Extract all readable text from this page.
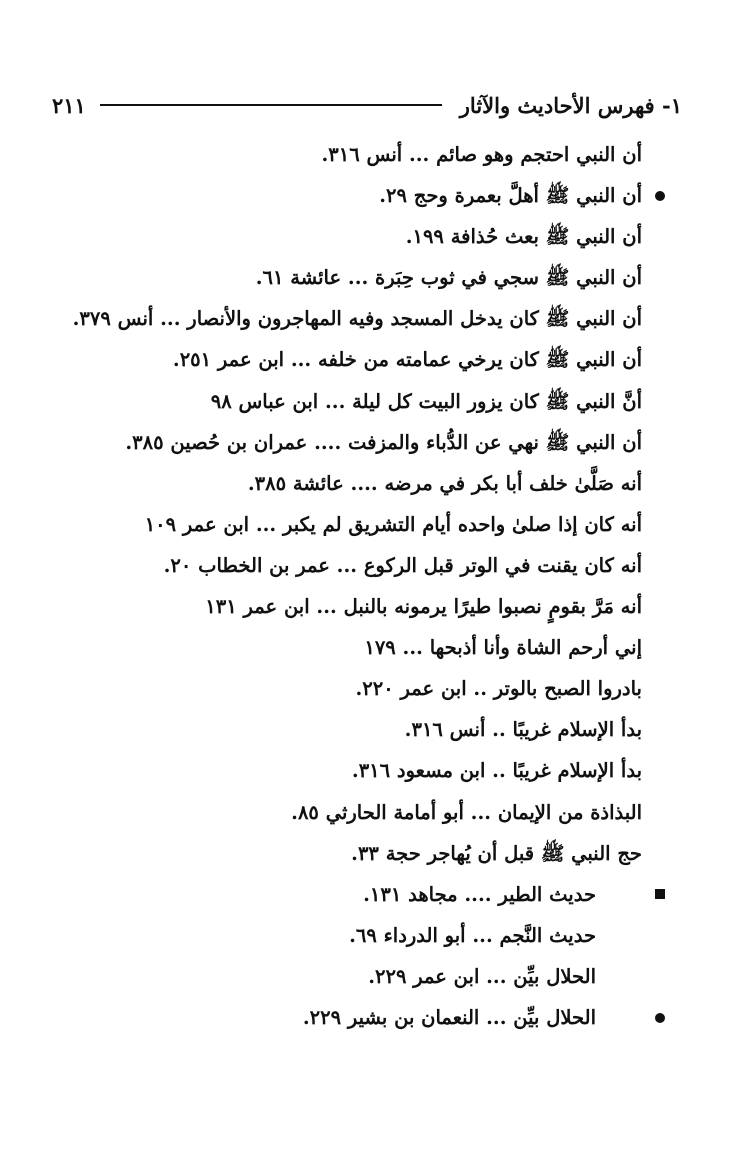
١- فهرس الأحاديث والآثار
٢١١
أن النبي احتجم وهو صائم ... أنس ٣١٦.
أن النبي ﷺ أهلَّ بعمرة وحج ٢٩.
أن النبي ﷺ بعث حُذافة ١٩٩.
أن النبي ﷺ سجي في ثوب حِبَرة ... عائشة ٦١.
أن النبي ﷺ كان يدخل المسجد وفيه المهاجرون والأنصار ... أنس ٣٧٩.
أن النبي ﷺ كان يرخي عمامته من خلفه ... ابن عمر ٢٥١.
أنَّ النبي ﷺ كان يزور البيت كل ليلة ... ابن عباس ٩٨
أن النبي ﷺ نهي عن الدُّباء والمزفت .... عمران بن حُصين ٣٨٥.
أنه صَلَّىٰ خلف أبا بكر في مرضه .... عائشة ٣٨٥.
أنه كان إذا صلىٰ واحده أيام التشريق لم يكبر ... ابن عمر ١٠٩
أنه كان يقنت في الوتر قبل الركوع ... عمر بن الخطاب ٢٠.
أنه مَرَّ بقومٍ نصبوا طيرًا يرمونه بالنبل ... ابن عمر ١٣١
إني أرحم الشاة وأنا أذبحها ... ١٧٩
بادروا الصبح بالوتر .. ابن عمر ٢٢٠.
بدأ الإسلام غريبًا .. أنس ٣١٦.
بدأ الإسلام غريبًا .. ابن مسعود ٣١٦.
البذاذة من الإيمان ... أبو أمامة الحارثي ٨٥.
حج النبي ﷺ قبل أن يُهاجر حجة ٣٣.
حديث الطير .... مجاهد ١٣١.
حديث النَّجم ... أبو الدرداء ٦٩.
الحلال بيِّن ... ابن عمر ٢٢٩.
الحلال بيِّن ... النعمان بن بشير ٢٢٩.
